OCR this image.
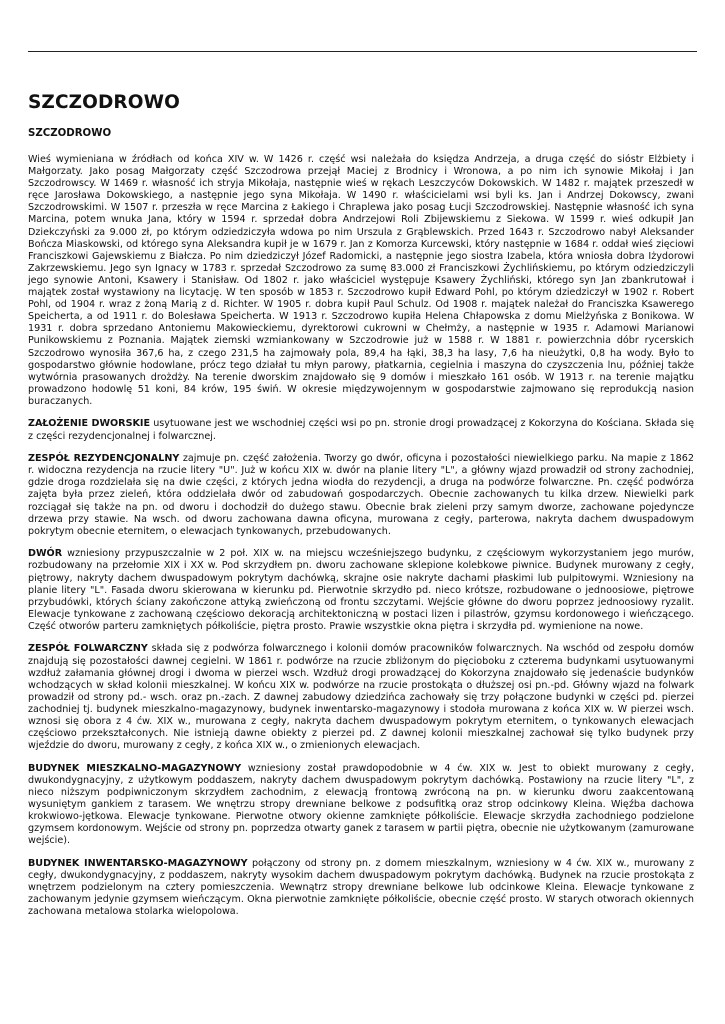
SZCZODROWO
SZCZODROWO

Wieś wymieniana w źródłach od końca XIV w. W 1426 r. część wsi należała do księdza Andrzeja, a druga część do sióstr Elżbiety i Małgorzaty. Jako posag Małgorzaty część Szczodrowa przejął Maciej z Brodnicy i Wronowa, a po nim ich synowie Mikołaj i Jan Szczodrowscy. W 1469 r. własność ich stryja Mikołaja, następnie wieś w rękach Leszczyców Dokowskich. W 1482 r. majątek przeszedł w ręce Jarosława Dokowskiego, a następnie jego syna Mikołaja. W 1490 r. właścicielami wsi byli ks. Jan i Andrzej Dokowscy, zwani Szczodrowskimi. W 1507 r. przeszła w ręce Marcina z Łakiego i Chraplewa jako posag Łucji Szczodrowskiej. Następnie własność ich syna Marcina, potem wnuka Jana, który w 1594 r. sprzedał dobra Andrzejowi Roli Zbijewskiemu z Siekowa. W 1599 r. wieś odkupił Jan Dziekczyński za 9.000 zł, po którym odziedziczyła wdowa po nim Urszula z Grąblewskich. Przed 1643 r. Szczodrowo nabył Aleksander Bończa Miaskowski, od którego syna Aleksandra kupił je w 1679 r. Jan z Komorza Kurcewski, który następnie w 1684 r. oddał wieś zięciowi Franciszkowi Gajewskiemu z Białcza. Po nim dziedziczył Józef Radomicki, a następnie jego siostra Izabela, która wniosła dobra Iżydorowi Zakrzewskiemu. Jego syn Ignacy w 1783 r. sprzedał Szczodrowo za sumę 83.000 zł Franciszkowi Żychlińskiemu, po którym odziedziczyli jego synowie Antoni, Ksawery i Stanisław. Od 1802 r. jako właściciel występuje Ksawery Żychliński, którego syn Jan zbankrutował i majątek został wystawiony na licytację. W ten sposób w 1853 r. Szczodrowo kupił Edward Pohl, po którym dziedziczył w 1902 r. Robert Pohl, od 1904 r. wraz z żoną Marią z d. Richter. W 1905 r. dobra kupił Paul Schulz. Od 1908 r. majątek należał do Franciszka Ksawerego Speicherta, a od 1911 r. do Bolesława Speicherta. W 1913 r. Szczodrowo kupiła Helena Chłapowska z domu Mielżyńska z Bonikowa. W 1931 r. dobra sprzedano Antoniemu Makowieckiemu, dyrektorowi cukrowni w Chełmży, a następnie w 1935 r. Adamowi Marianowi Punikowskiemu z Poznania. Majątek ziemski wzmiankowany w Szczodrowie już w 1588 r. W 1881 r. powierzchnia dóbr rycerskich Szczodrowo wynosiła 367,6 ha, z czego 231,5 ha zajmowały pola, 89,4 ha łąki, 38,3 ha lasy, 7,6 ha nieużytki, 0,8 ha wody. Było to gospodarstwo głównie hodowlane, prócz tego działał tu młyn parowy, płatkarnia, cegielnia i maszyna do czyszczenia lnu, później także wytwórnia prasowanych drożdży. Na terenie dworskim znajdowało się 9 domów i mieszkało 161 osób. W 1913 r. na terenie majątku prowadzono hodowlę 51 koni, 84 krów, 195 świń. W okresie międzywojennym w gospodarstwie zajmowano się reprodukcją nasion buraczanych.

ZAŁOŻENIE DWORSKIE usytuowane jest we wschodniej części wsi po pn. stronie drogi prowadzącej z Kokorzyna do Kościana. Składa się z części rezydencjonalnej i folwarcznej.

ZESPÓŁ REZYDENCJONALNY zajmuje pn. część założenia. Tworzy go dwór, oficyna i pozostałości niewielkiego parku. Na mapie z 1862 r. widoczna rezydencja na rzucie litery "U". Już w końcu XIX w. dwór na planie litery "L", a główny wjazd prowadził od strony zachodniej, gdzie droga rozdzielała się na dwie części, z których jedna wiodła do rezydencji, a druga na podwórze folwarczne. Pn. część podwórza zajęta była przez zieleń, która oddzielała dwór od zabudowań gospodarczych. Obecnie zachowanych tu kilka drzew. Niewielki park rozciągał się także na pn. od dworu i dochodził do dużego stawu. Obecnie brak zieleni przy samym dworze, zachowane pojedyncze drzewa przy stawie. Na wsch. od dworu zachowana dawna oficyna, murowana z cegły, parterowa, nakryta dachem dwuspadowym pokrytym obecnie eternitem, o elewacjach tynkowanych, przebudowanych.

DWÓR wzniesiony przypuszczalnie w 2 poł. XIX w. na miejscu wcześniejszego budynku, z częściowym wykorzystaniem jego murów, rozbudowany na przełomie XIX i XX w. Pod skrzydłem pn. dworu zachowane sklepione kolebkowe piwnice. Budynek murowany z cegły, piętrowy, nakryty dachem dwuspadowym pokrytym dachówką, skrajne osie nakryte dachami płaskimi lub pulpitowymi. Wzniesiony na planie litery "L". Fasada dworu skierowana w kierunku pd. Pierwotnie skrzydło pd. nieco krótsze, rozbudowane o jednoosiowe, piętrowe przybudówki, których ściany zakończone attyką zwieńczoną od frontu szczytami. Wejście główne do dworu poprzez jednoosiowy ryzalit. Elewacje tynkowane z zachowaną częściowo dekoracją architektoniczną w postaci lizen i pilastrów, gzymsu kordonowego i wieńczącego. Część otworów parteru zamkniętych półkoliście, piętra prosto. Prawie wszystkie okna piętra i skrzydła pd. wymienione na nowe.

ZESPÓŁ FOLWARCZNY składa się z podwórza folwarcznego i kolonii domów pracowników folwarcznych. Na wschód od zespołu domów znajdują się pozostałości dawnej cegielni. W 1861 r. podwórze na rzucie zbliżonym do pięcioboku z czterema budynkami usytuowanymi wzdłuż załamania głównej drogi i dwoma w pierzei wsch. Wzdłuż drogi prowadzącej do Kokorzyna znajdowało się jedenaście budynków wchodzących w skład kolonii mieszkalnej. W końcu XIX w. podwórze na rzucie prostokąta o dłuższej osi pn.-pd. Główny wjazd na folwark prowadził od strony pd.- wsch. oraz pn.-zach. Z dawnej zabudowy dziedzińca zachowały się trzy połączone budynki w części pd. pierzei zachodniej tj. budynek mieszkalno-magazynowy, budynek inwentarsko-magazynowy i stodoła murowana z końca XIX w. W pierzei wsch. wznosi się obora z 4 ćw. XIX w., murowana z cegły, nakryta dachem dwuspadowym pokrytym eternitem, o tynkowanych elewacjach częściowo przekształconych. Nie istnieją dawne obiekty z pierzei pd. Z dawnej kolonii mieszkalnej zachował się tylko budynek przy wjeździe do dworu, murowany z cegły, z końca XIX w., o zmienionych elewacjach.

BUDYNEK MIESZKALNO-MAGAZYNOWY wzniesiony został prawdopodobnie w 4 ćw. XIX w. Jest to obiekt murowany z cegły, dwukondygnacyjny, z użytkowym poddaszem, nakryty dachem dwuspadowym pokrytym dachówką. Postawiony na rzucie litery "L", z nieco niższym podpiwniczonym skrzydłem zachodnim, z elewacją frontową zwróconą na pn. w kierunku dworu zaakcentowaną wysuniętym gankiem z tarasem. We wnętrzu stropy drewniane belkowe z podsufitką oraz strop odcinkowy Kleina. Więźba dachowa krokwiowo-jętkowa. Elewacje tynkowane. Pierwotne otwory okienne zamknięte półkoliście. Elewacje skrzydła zachodniego podzielone gzymsem kordonowym. Wejście od strony pn. poprzedza otwarty ganek z tarasem w partii piętra, obecnie nie użytkowanym (zamurowane wejście).

BUDYNEK INWENTARSKO-MAGAZYNOWY połączony od strony pn. z domem mieszkalnym, wzniesiony w 4 ćw. XIX w., murowany z cegły, dwukondygnacyjny, z poddaszem, nakryty wysokim dachem dwuspadowym pokrytym dachówką. Budynek na rzucie prostokąta z wnętrzem podzielonym na cztery pomieszczenia. Wewnątrz stropy drewniane belkowe lub odcinkowe Kleina. Elewacje tynkowane z zachowanym jedynie gzymsem wieńczącym. Okna pierwotnie zamknięte półkoliście, obecnie część prosto. W starych otworach okiennych zachowana metalowa stolarka wielopolowa.
